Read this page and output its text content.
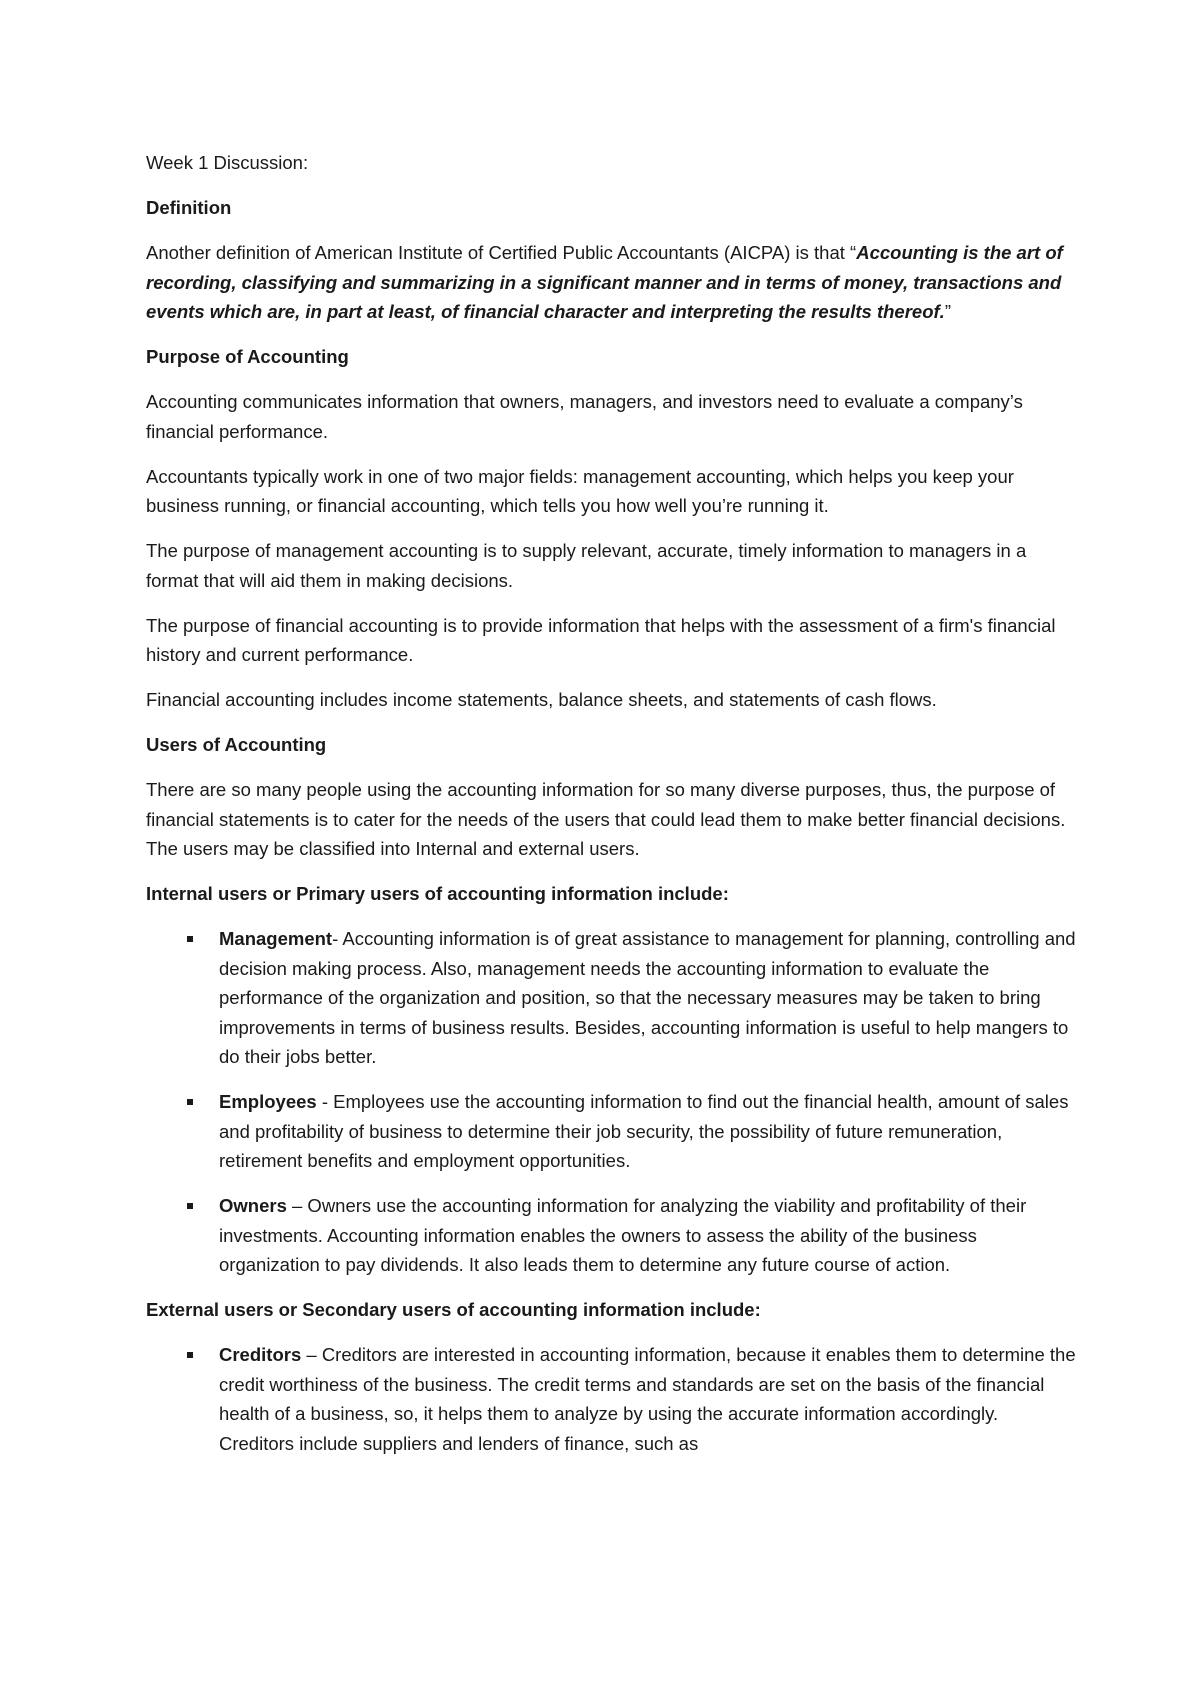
Week 1 Discussion:

Definition

Another definition of American Institute of Certified Public Accountants (AICPA) is that “Accounting is the art of recording, classifying and summarizing in a significant manner and in terms of money, transactions and events which are, in part at least, of financial character and interpreting the results thereof.”

Purpose of Accounting

Accounting communicates information that owners, managers, and investors need to evaluate a company’s financial performance.

Accountants typically work in one of two major fields: management accounting, which helps you keep your business running, or financial accounting, which tells you how well you’re running it.

The purpose of management accounting is to supply relevant, accurate, timely information to managers in a format that will aid them in making decisions.

The purpose of financial accounting is to provide information that helps with the assessment of a firm's financial history and current performance.

Financial accounting includes income statements, balance sheets, and statements of cash flows.

Users of Accounting

There are so many people using the accounting information for so many diverse purposes, thus, the purpose of financial statements is to cater for the needs of the users that could lead them to make better financial decisions. The users may be classified into Internal and external users.

Internal users or Primary users of accounting information include:

Management- Accounting information is of great assistance to management for planning, controlling and decision making process. Also, management needs the accounting information to evaluate the performance of the organization and position, so that the necessary measures may be taken to bring improvements in terms of business results. Besides, accounting information is useful to help mangers to do their jobs better.
Employees - Employees use the accounting information to find out the financial health, amount of sales and profitability of business to determine their job security, the possibility of future remuneration, retirement benefits and employment opportunities.
Owners – Owners use the accounting information for analyzing the viability and profitability of their investments. Accounting information enables the owners to assess the ability of the business organization to pay dividends. It also leads them to determine any future course of action.

External users or Secondary users of accounting information include:

Creditors – Creditors are interested in accounting information, because it enables them to determine the credit worthiness of the business. The credit terms and standards are set on the basis of the financial health of a business, so, it helps them to analyze by using the accurate information accordingly. Creditors include suppliers and lenders of finance, such as
